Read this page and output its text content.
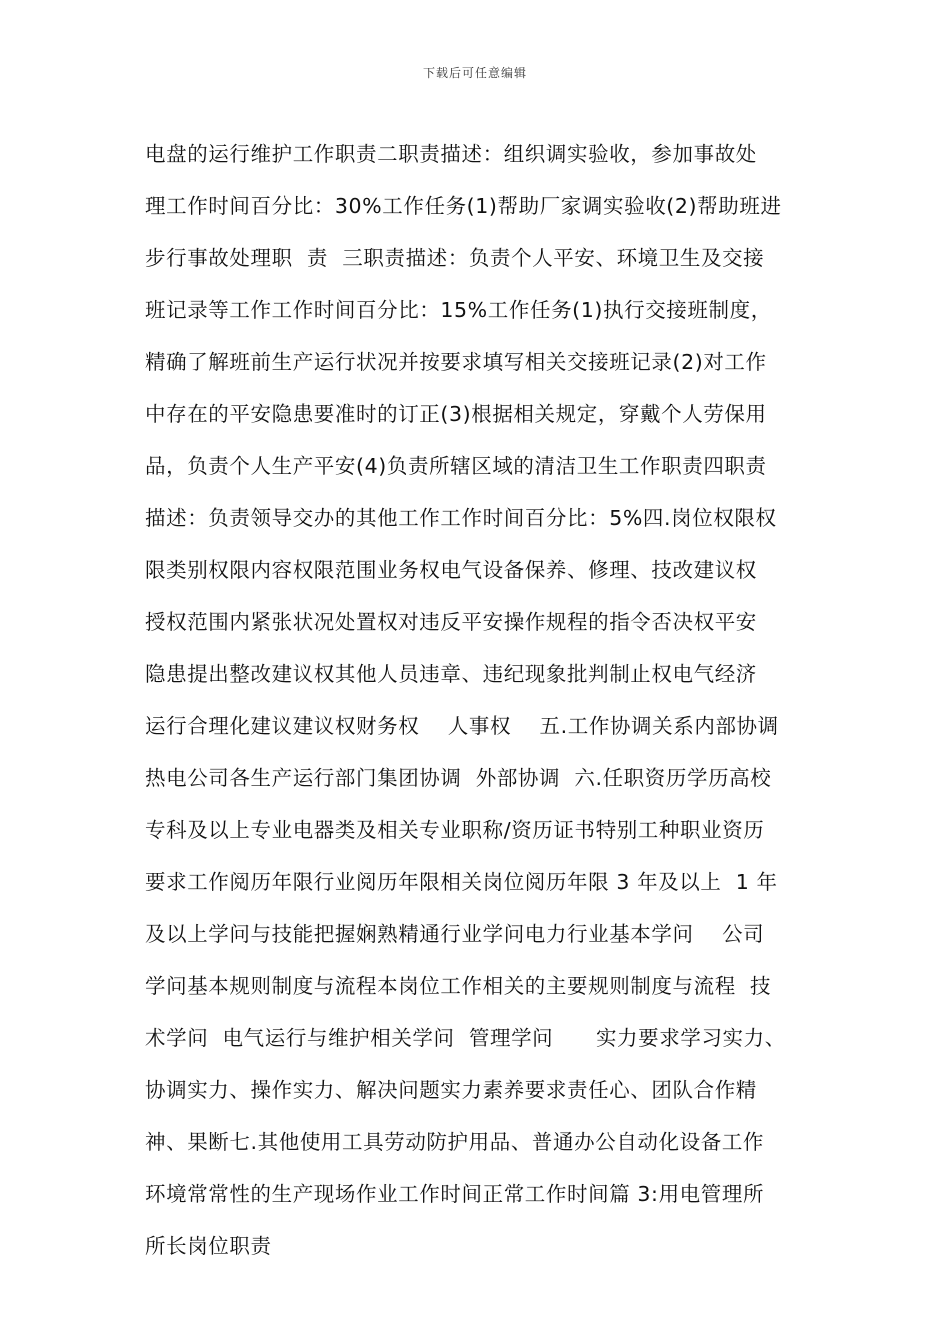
下载后可任意编辑
电盘的运行维护工作职责二职责描述：组织调实验收，参加事故处
理工作时间百分比：30%工作任务(1)帮助厂家调实验收(2)帮助班进
步行事故处理职  责  三职责描述：负责个人平安、环境卫生及交接
班记录等工作工作时间百分比：15%工作任务(1)执行交接班制度，
精确了解班前生产运行状况并按要求填写相关交接班记录(2)对工作
中存在的平安隐患要准时的订正(3)根据相关规定，穿戴个人劳保用
品，负责个人生产平安(4)负责所辖区域的清洁卫生工作职责四职责
描述：负责领导交办的其他工作工作时间百分比：5%四.岗位权限权
限类别权限内容权限范围业务权电气设备保养、修理、技改建议权
授权范围内紧张状况处置权对违反平安操作规程的指令否决权平安
隐患提出整改建议权其他人员违章、违纪现象批判制止权电气经济
运行合理化建议建议权财务权    人事权    五.工作协调关系内部协调
热电公司各生产运行部门集团协调  外部协调  六.任职资历学历高校
专科及以上专业电器类及相关专业职称/资历证书特别工种职业资历
要求工作阅历年限行业阅历年限相关岗位阅历年限 3 年及以上  1 年
及以上学问与技能把握娴熟精通行业学问电力行业基本学问    公司
学问基本规则制度与流程本岗位工作相关的主要规则制度与流程  技
术学问  电气运行与维护相关学问  管理学问      实力要求学习实力、
协调实力、操作实力、解决问题实力素养要求责任心、团队合作精
神、果断七.其他使用工具劳动防护用品、普通办公自动化设备工作
环境常常性的生产现场作业工作时间正常工作时间篇 3:用电管理所
所长岗位职责
